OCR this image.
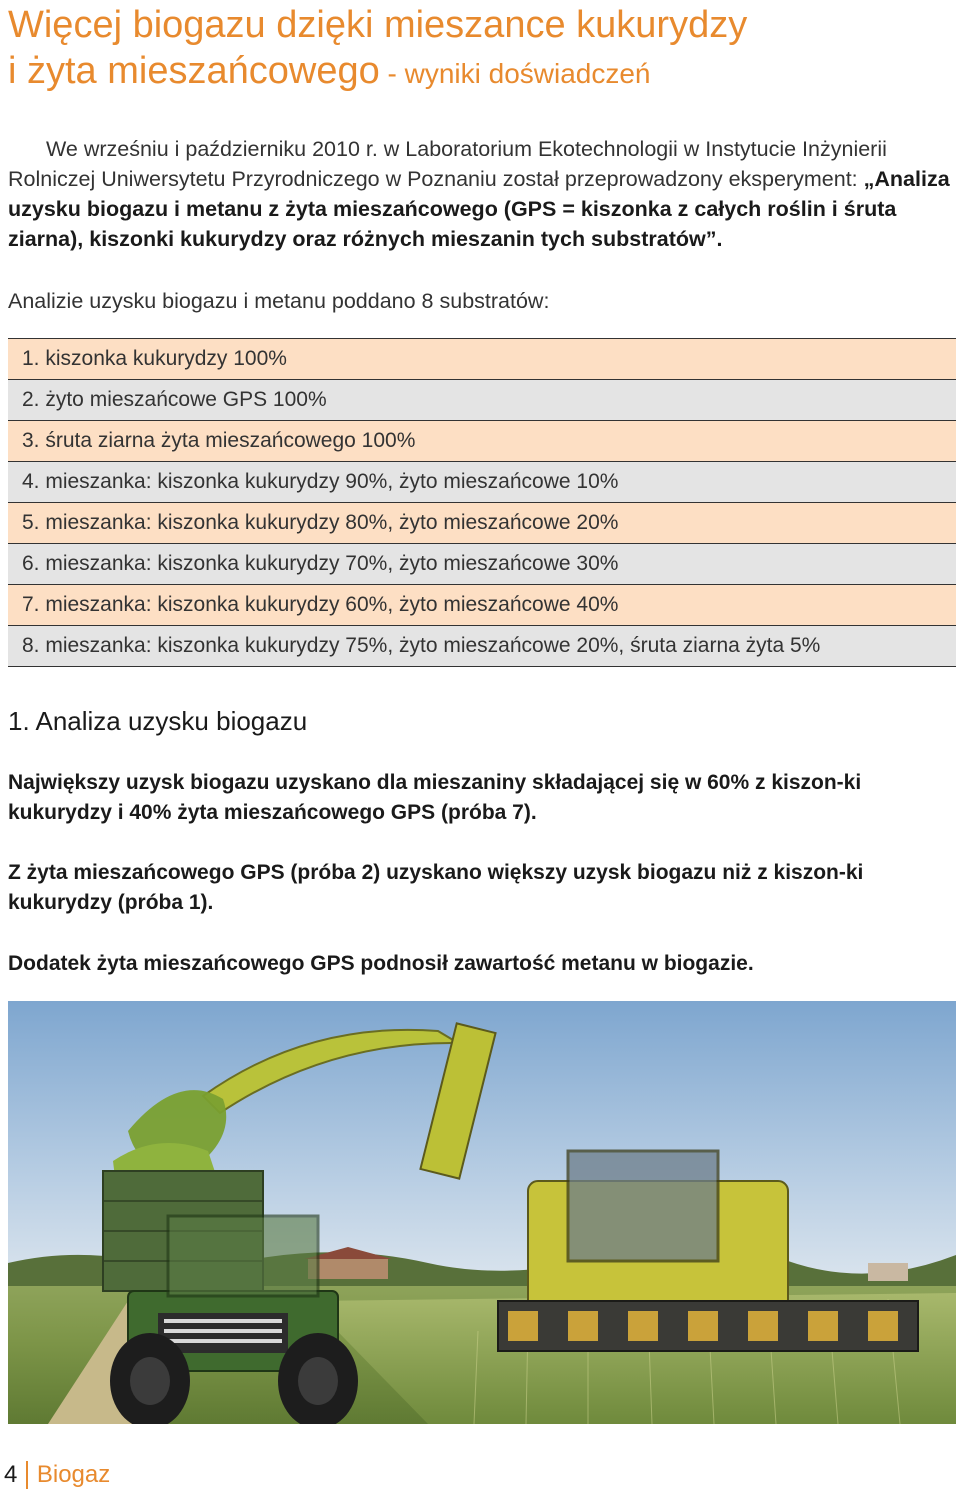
Więcej biogazu dzięki mieszance kukurydzy
i żyta mieszańcowego - wyniki doświadczeń

We wrześniu i październiku 2010 r. w Laboratorium Ekotechnologii w Instytucie Inżynierii Rolniczej Uniwersytetu Przyrodniczego w Poznaniu został przeprowadzony eksperyment: „Analiza uzysku biogazu i metanu z żyta mieszańcowego (GPS = kiszonka z całych roślin i śruta ziarna), kiszonki kukurydzy oraz różnych mieszanin tych substratów”.

Analizie uzysku biogazu i metanu poddano 8 substratów:

1. kiszonka kukurydzy 100%
2. żyto mieszańcowe GPS 100%
3. śruta ziarna żyta mieszańcowego 100%
4. mieszanka: kiszonka kukurydzy 90%, żyto mieszańcowe 10%
5. mieszanka: kiszonka kukurydzy 80%, żyto mieszańcowe 20%
6. mieszanka: kiszonka kukurydzy 70%, żyto mieszańcowe 30%
7. mieszanka: kiszonka kukurydzy 60%, żyto mieszańcowe 40%
8. mieszanka: kiszonka kukurydzy 75%, żyto mieszańcowe 20%, śruta ziarna żyta 5%
1. Analiza uzysku biogazu

Największy uzysk biogazu uzyskano dla mieszaniny składającej się w 60% z kiszon-ki kukurydzy i 40% żyta mieszańcowego GPS (próba 7).

Z żyta mieszańcowego GPS (próba 2) uzyskano większy uzysk biogazu niż z kiszon-ki kukurydzy (próba 1).

Dodatek żyta mieszańcowego GPS podnosił zawartość metanu w biogazie.

4 Biogaz
